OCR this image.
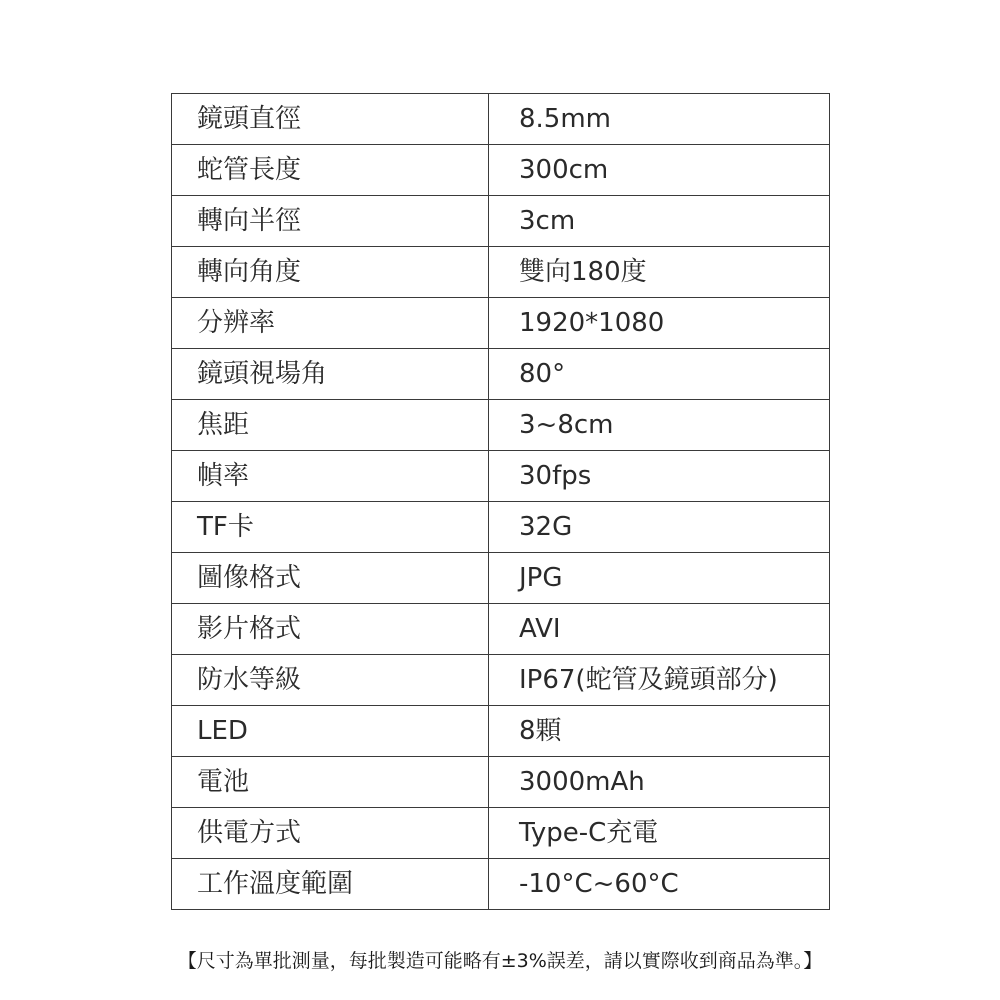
鏡頭直徑	8.5mm
蛇管長度	300cm
轉向半徑	3cm
轉向角度	雙向180度
分辨率	1920*1080
鏡頭視場角	80°
焦距	3~8cm
幀率	30fps
TF卡	32G
圖像格式	JPG
影片格式	AVI
防水等級	IP67(蛇管及鏡頭部分)
LED	8顆
電池	3000mAh
供電方式	Type-C充電
工作溫度範圍	-10°C~60°C
【尺寸為單批測量，每批製造可能略有±3%誤差，請以實際收到商品為準。】
